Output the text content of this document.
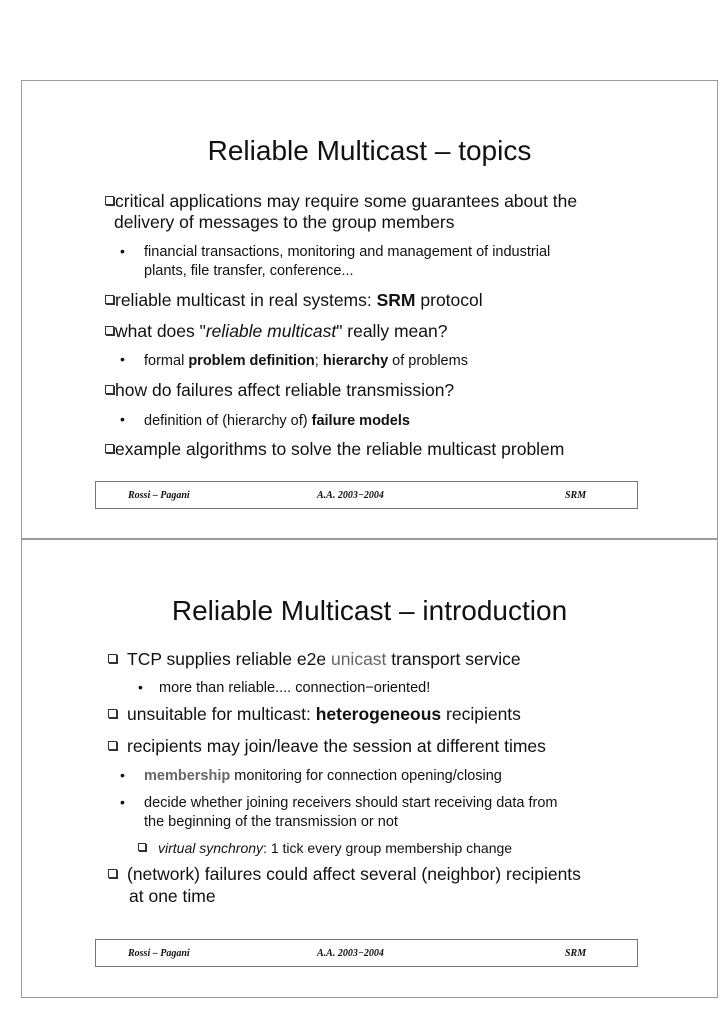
Reliable Multicast – topics
critical applications may require some guarantees about the
delivery of messages to the group members
• financial transactions, monitoring and management of industrial
plants, file transfer, conference...
reliable multicast in real systems: SRM protocol
what does "reliable multicast" really mean?
• formal problem definition; hierarchy of problems
how do failures affect reliable transmission?
• definition of (hierarchy of) failure models
example algorithms to solve the reliable multicast problem
Rossi – Pagani	A.A. 2003−2004	SRM
Reliable Multicast – introduction
TCP supplies reliable e2e unicast transport service
• more than reliable.... connection−oriented!
unsuitable for multicast: heterogeneous recipients
recipients may join/leave the session at different times
• membership monitoring for connection opening/closing
• decide whether joining receivers should start receiving data from
the beginning of the transmission or not
virtual synchrony: 1 tick every group membership change
(network) failures could affect several (neighbor) recipients
at one time
Rossi – Pagani	A.A. 2003−2004	SRM
